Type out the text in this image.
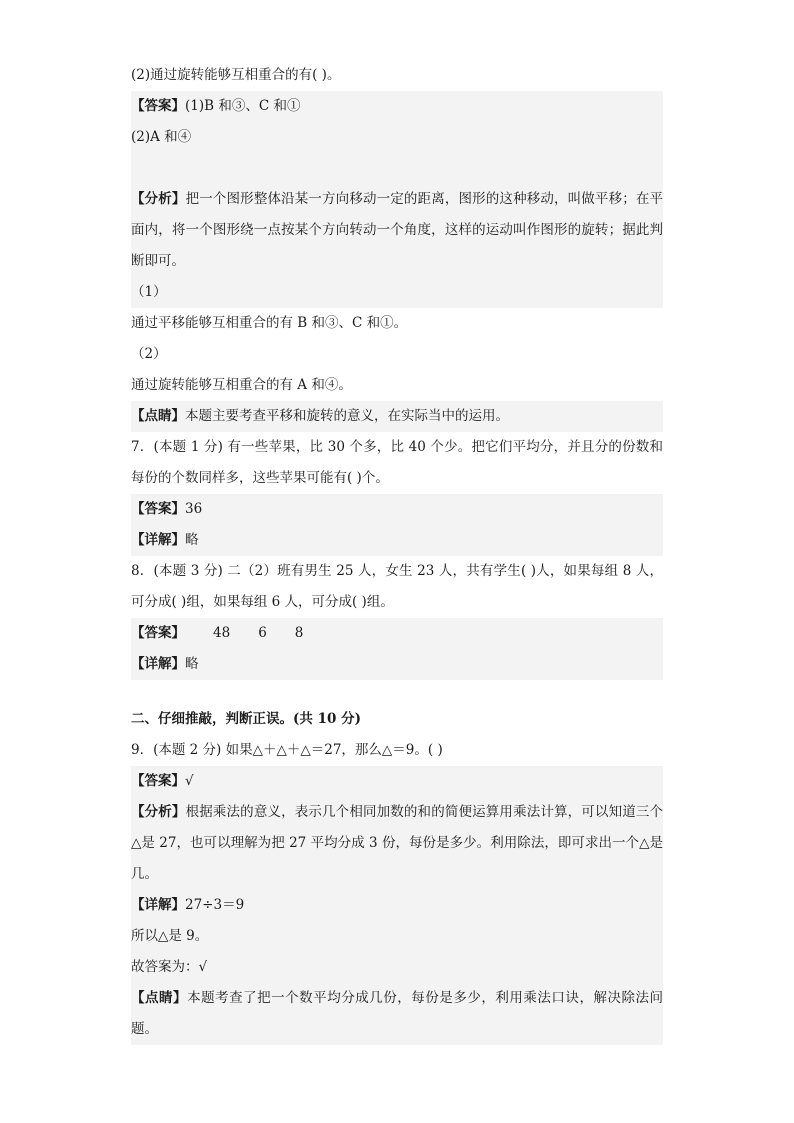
(2)通过旋转能够互相重合的有( )。
【答案】(1)B 和③、C 和①
(2)A 和④
【分析】把一个图形整体沿某一方向移动一定的距离，图形的这种移动，叫做平移；在平面内，将一个图形绕一点按某个方向转动一个角度，这样的运动叫作图形的旋转；据此判断即可。
（1）
通过平移能够互相重合的有 B 和③、C 和①。
（2）
通过旋转能够互相重合的有 A 和④。
【点睛】本题主要考查平移和旋转的意义，在实际当中的运用。
7．(本题 1 分) 有一些苹果，比 30 个多，比 40 个少。把它们平均分，并且分的份数和每份的个数同样多，这些苹果可能有( )个。
【答案】36
【详解】略
8．(本题 3 分) 二（2）班有男生 25 人，女生 23 人，共有学生( )人，如果每组 8 人，可分成( )组，如果每组 6 人，可分成( )组。
【答案】 48 6 8
【详解】略
二、仔细推敲，判断正误。(共 10 分)
9．(本题 2 分) 如果△＋△＋△＝27，那么△＝9。( )
【答案】√
【分析】根据乘法的意义，表示几个相同加数的和的简便运算用乘法计算，可以知道三个△是 27，也可以理解为把 27 平均分成 3 份，每份是多少。利用除法，即可求出一个△是几。
【详解】27÷3＝9
所以△是 9。
故答案为：√
【点睛】本题考查了把一个数平均分成几份，每份是多少，利用乘法口诀，解决除法问题。
